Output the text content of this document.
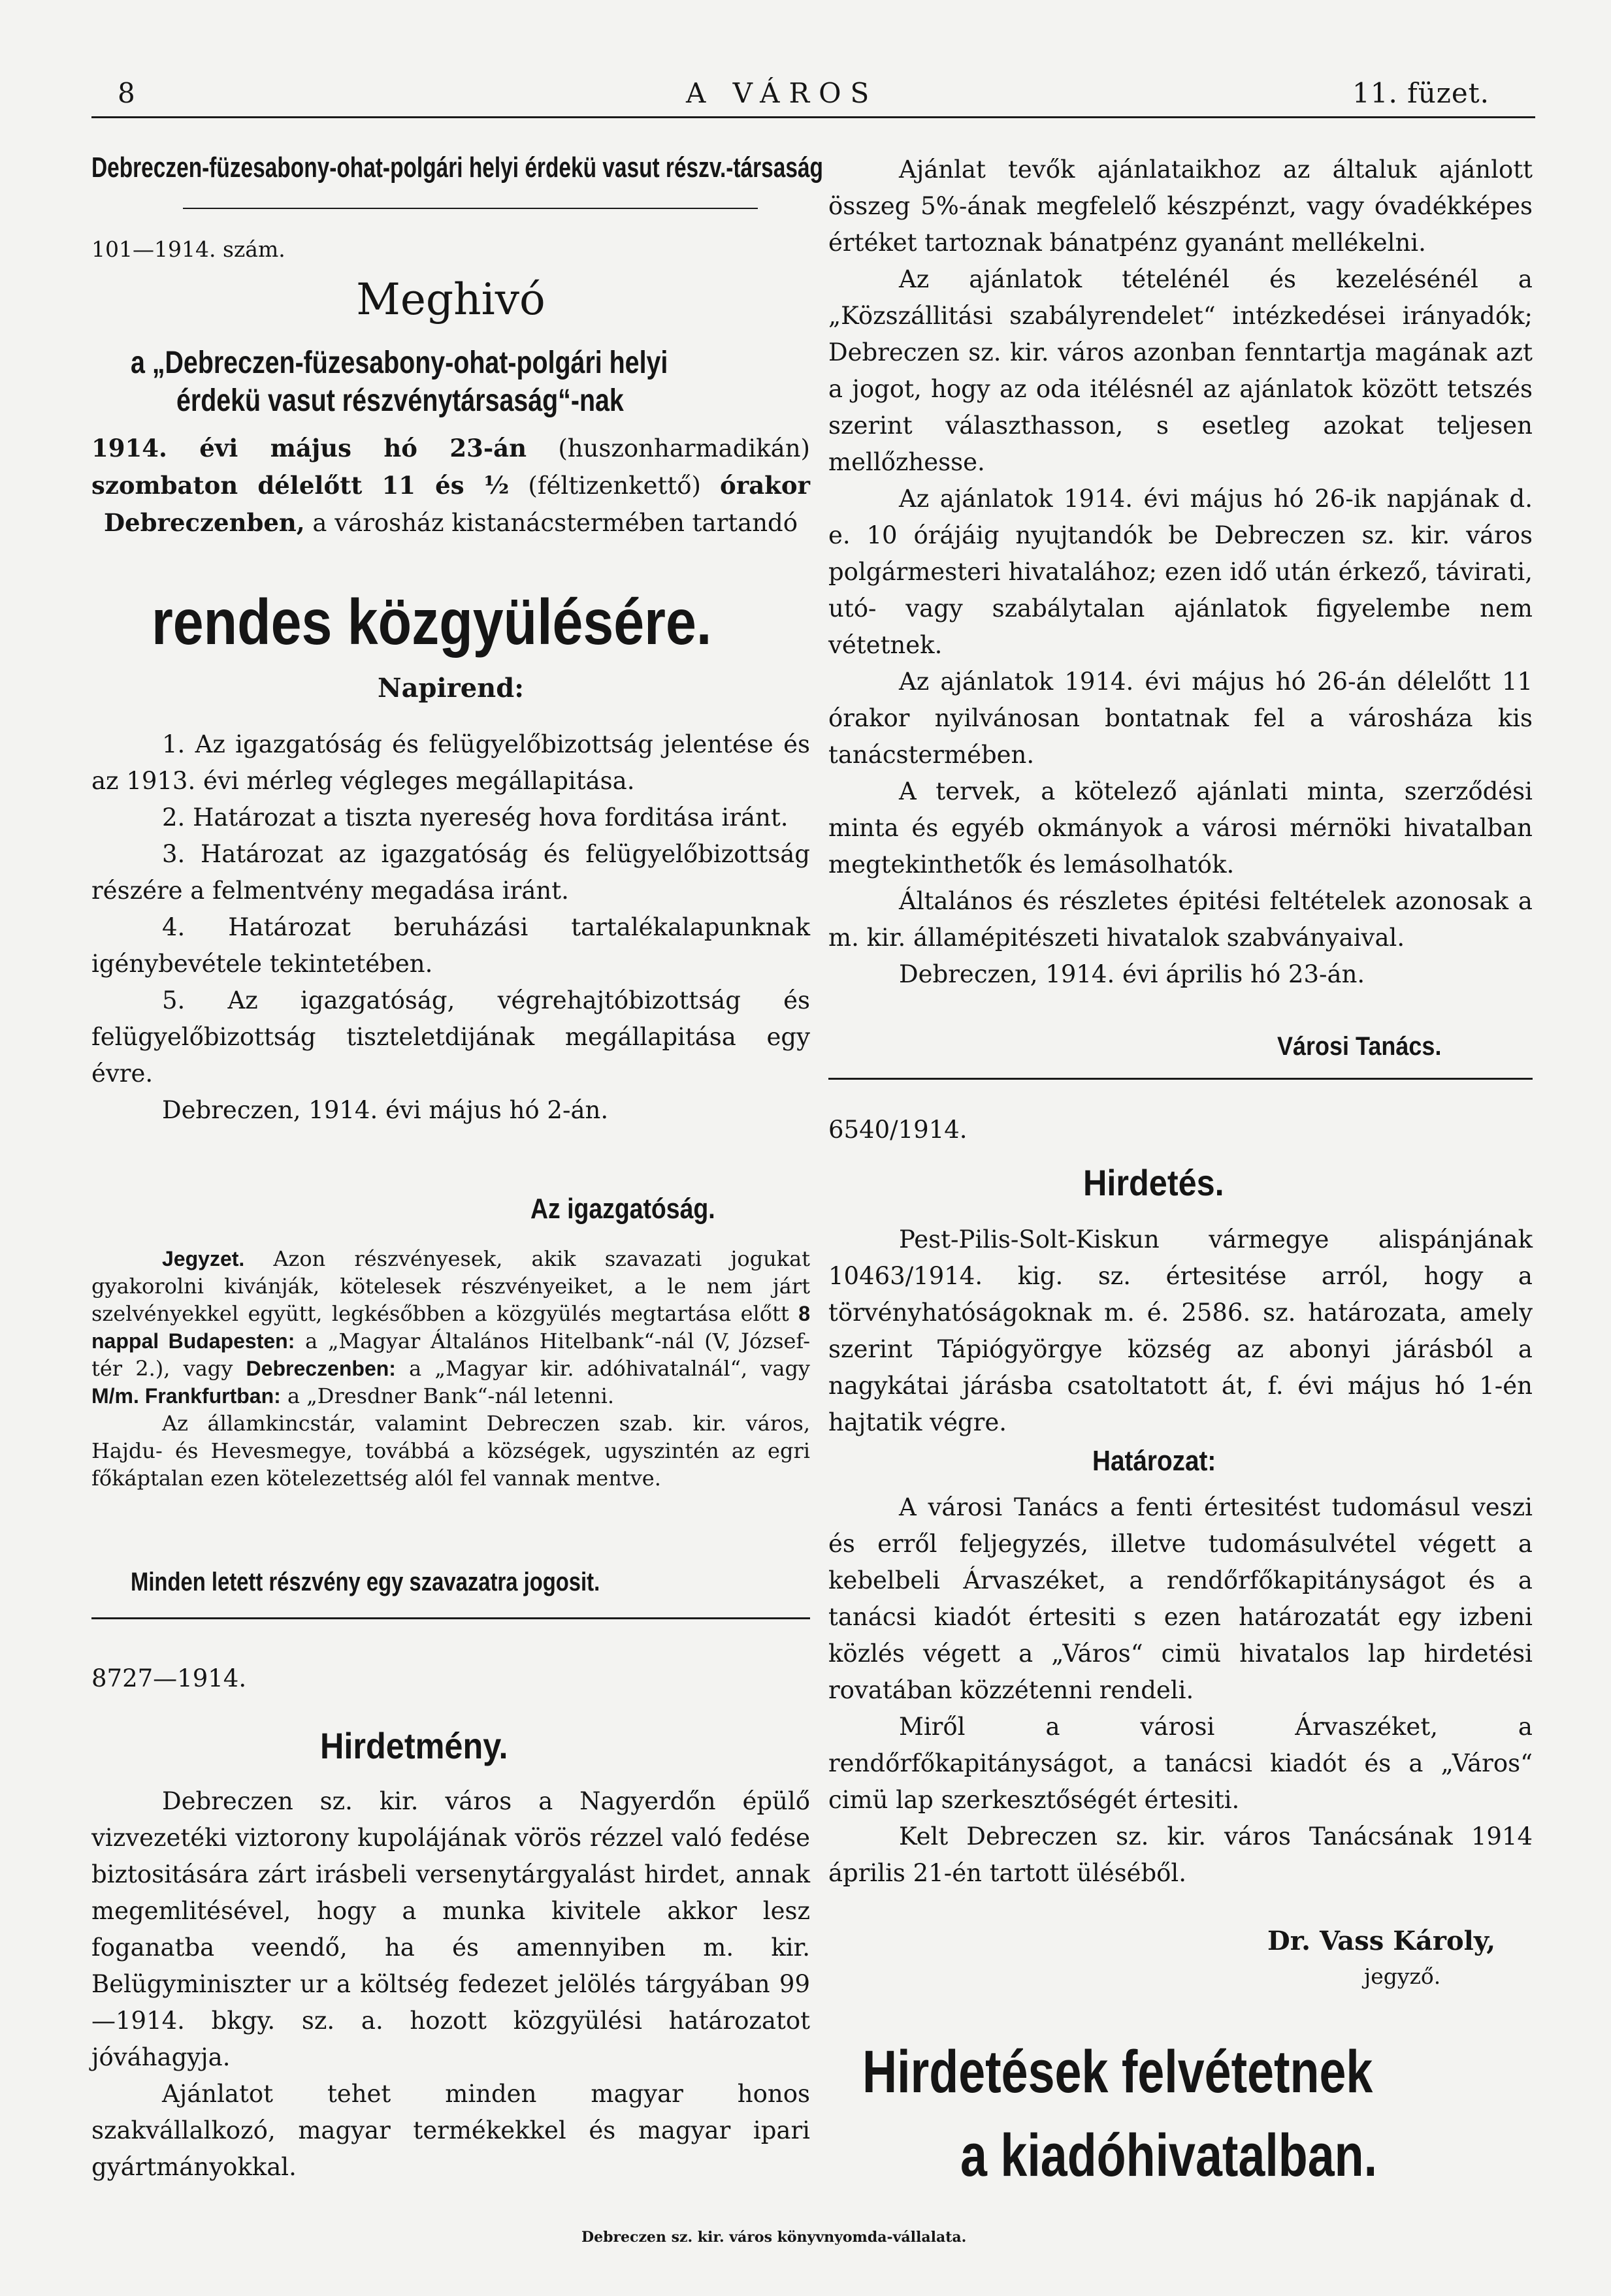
8	A VÁROS	11. füzet.
Debreczen-füzesabony-ohat-polgári helyi érdekü vasut részv.-társaság
101—1914. szám.
Meghivó
a „Debreczen-füzesabony-ohat-polgári helyi
érdekü vasut részvénytársaság“-nak

1914. évi május hó 23-án (huszonharmadikán) szombaton délelőtt 11 és ½ (féltizenkettő) órakor Debreczenben, a városház kistanácstermében tartandó

rendes közgyülésére.
Napirend:

1. Az igazgatóság és felügyelőbizottság jelentése és az 1913. évi mérleg végleges megállapitása.

2. Határozat a tiszta nyereség hova forditása iránt.

3. Határozat az igazgatóság és felügyelőbizottság részére a felmentvény megadása iránt.

4. Határozat beruházási tartalékalapunknak igénybevétele tekintetében.

5. Az igazgatóság, végrehajtóbizottság és felügyelőbizottság tiszteletdijának megállapitása egy évre.

Debreczen, 1914. évi május hó 2-án.

Az igazgatóság.

Jegyzet. Azon részvényesek, akik szavazati jogukat gyakorolni kivánják, kötelesek részvényeiket, a le nem járt szelvényekkel együtt, legkésőbben a közgyülés megtartása előtt 8 nappal Budapesten: a „Magyar Általános Hitelbank“-nál (V, József-tér 2.), vagy Debreczenben: a „Magyar kir. adóhivatalnál“, vagy M/m. Frankfurtban: a „Dresdner Bank“-nál letenni.

Az államkincstár, valamint Debreczen szab. kir. város, Hajdu- és Hevesmegye, továbbá a községek, ugyszintén az egri főkáptalan ezen kötelezettség alól fel vannak mentve.

Minden letett részvény egy szavazatra jogosit.
8727—1914.
Hirdetmény.

Debreczen sz. kir. város a Nagyerdőn épülő vizvezetéki viztorony kupolájának vörös rézzel való fedése biztositására zárt irásbeli versenytárgyalást hirdet, annak megemlitésével, hogy a munka kivitele akkor lesz foganatba veendő, ha és amennyiben m. kir. Belügyminiszter ur a költség fedezet jelölés tárgyában 99—1914. bkgy. sz. a. hozott közgyülési határozatot jóváhagyja.

Ajánlatot tehet minden magyar honos szakvállalkozó, magyar termékekkel és magyar ipari gyártmányokkal.

Ajánlat tevők ajánlataikhoz az általuk ajánlott összeg 5%-ának megfelelő készpénzt, vagy óvadékképes értéket tartoznak bánatpénz gyanánt mellékelni.

Az ajánlatok tételénél és kezelésénél a „Közszállitási szabályrendelet“ intézkedései irányadók; Debreczen sz. kir. város azonban fenntartja magának azt a jogot, hogy az oda itélésnél az ajánlatok között tetszés szerint választhasson, s esetleg azokat teljesen mellőzhesse.

Az ajánlatok 1914. évi május hó 26-ik napjának d. e. 10 órájáig nyujtandók be Debreczen sz. kir. város polgármesteri hivatalához; ezen idő után érkező, távirati, utó- vagy szabálytalan ajánlatok figyelembe nem vétetnek.

Az ajánlatok 1914. évi május hó 26-án délelőtt 11 órakor nyilvánosan bontatnak fel a városháza kis tanácstermében.

A tervek, a kötelező ajánlati minta, szerződési minta és egyéb okmányok a városi mérnöki hivatalban megtekinthetők és lemásolhatók.

Általános és részletes épitési feltételek azonosak a m. kir. államépitészeti hivatalok szabványaival.

Debreczen, 1914. évi április hó 23-án.

Városi Tanács.
6540/1914.
Hirdetés.

Pest-Pilis-Solt-Kiskun vármegye alispánjának 10463/1914. kig. sz. értesitése arról, hogy a törvényhatóságoknak m. é. 2586. sz. határozata, amely szerint Tápiógyörgye község az abonyi járásból a nagykátai járásba csatoltatott át, f. évi május hó 1-én hajtatik végre.

Határozat:

A városi Tanács a fenti értesitést tudomásul veszi és erről feljegyzés, illetve tudomásulvétel végett a kebelbeli Árvaszéket, a rendőrfőkapitányságot és a tanácsi kiadót értesiti s ezen határozatát egy izbeni közlés végett a „Város“ cimü hivatalos lap hirdetési rovatában közzétenni rendeli.

Miről a városi Árvaszéket, a rendőrfőkapitányságot, a tanácsi kiadót és a „Város“ cimü lap szerkesztőségét értesiti.

Kelt Debreczen sz. kir. város Tanácsának 1914 április 21-én tartott üléséből.

Dr. Vass Károly,
jegyző.
Hirdetések felvétetnek
a kiadóhivatalban.
Debreczen sz. kir. város könyvnyomda-vállalata.
